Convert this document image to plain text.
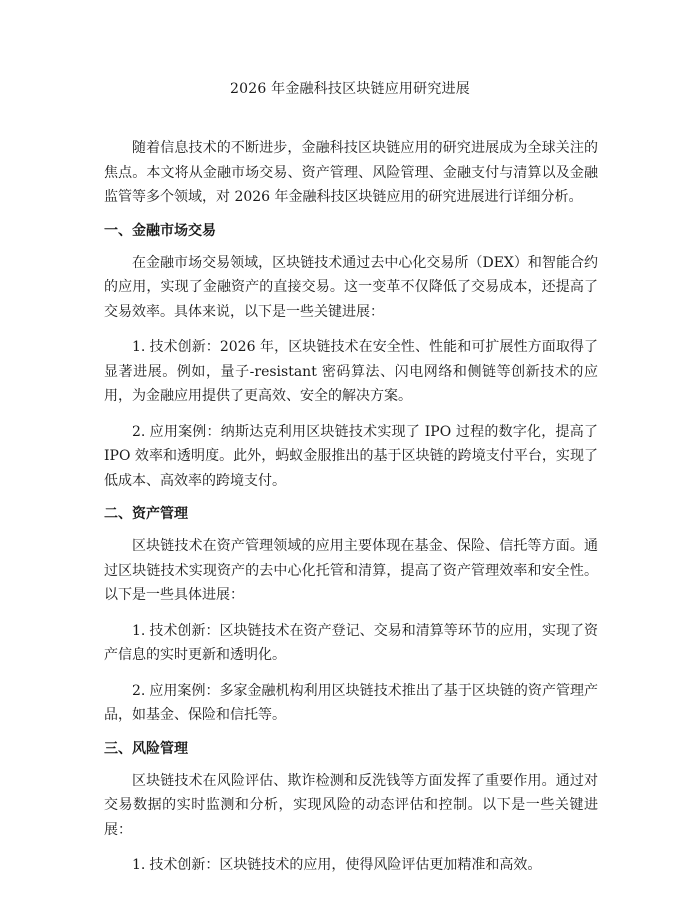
2026 年金融科技区块链应用研究进展

随着信息技术的不断进步，金融科技区块链应用的研究进展成为全球关注的焦点。本文将从金融市场交易、资产管理、风险管理、金融支付与清算以及金融监管等多个领域，对 2026 年金融科技区块链应用的研究进展进行详细分析。

一、金融市场交易

在金融市场交易领域，区块链技术通过去中心化交易所（DEX）和智能合约的应用，实现了金融资产的直接交易。这一变革不仅降低了交易成本，还提高了交易效率。具体来说，以下是一些关键进展：

1. 技术创新：2026 年，区块链技术在安全性、性能和可扩展性方面取得了显著进展。例如，量子-resistant 密码算法、闪电网络和侧链等创新技术的应用，为金融应用提供了更高效、安全的解决方案。

2. 应用案例：纳斯达克利用区块链技术实现了 IPO 过程的数字化，提高了 IPO 效率和透明度。此外，蚂蚁金服推出的基于区块链的跨境支付平台，实现了低成本、高效率的跨境支付。

二、资产管理

区块链技术在资产管理领域的应用主要体现在基金、保险、信托等方面。通过区块链技术实现资产的去中心化托管和清算，提高了资产管理效率和安全性。以下是一些具体进展：

1. 技术创新：区块链技术在资产登记、交易和清算等环节的应用，实现了资产信息的实时更新和透明化。

2. 应用案例：多家金融机构利用区块链技术推出了基于区块链的资产管理产品，如基金、保险和信托等。

三、风险管理

区块链技术在风险评估、欺诈检测和反洗钱等方面发挥了重要作用。通过对交易数据的实时监测和分析，实现风险的动态评估和控制。以下是一些关键进展：

1. 技术创新：区块链技术的应用，使得风险评估更加精准和高效。
